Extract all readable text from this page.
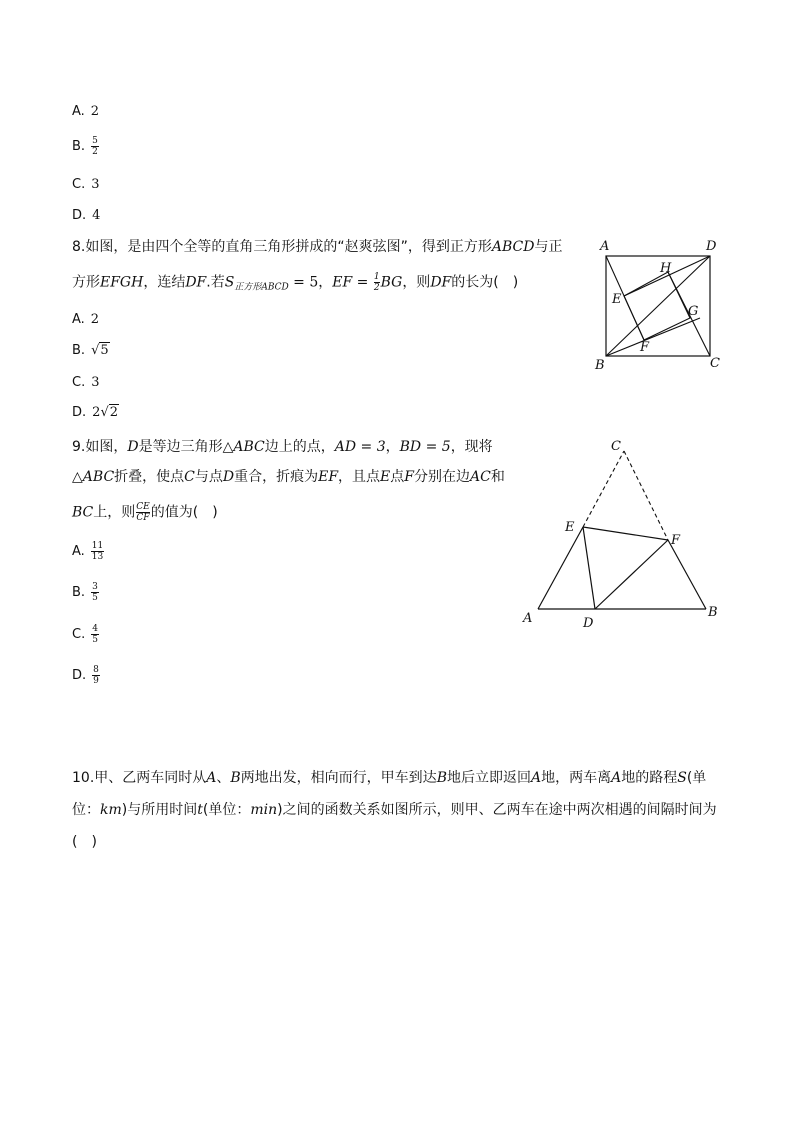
A. 2
B. $\frac{5}{2}$
C. 3
D. 4
8.如图，是由四个全等的直角三角形拼成的“赵爽弦图”，得到正方形ABCD与正
方形EFGH，连结DF.若$S_{正方形ABCD} = 5$，EF = $\frac{1}{2}$ BG，则DF的长为(　)
A. 2
B. √5
C. 3
D. 2√2
A	D
B	C
H
E
G
F
9.如图，D是等边三角形△ABC边上的点，AD = 3，BD = 5，现将
△ABC折叠，使点C与点D重合，折痕为EF，且点E点F分别在边AC和
BC上，则 $\frac{CE}{CF}$ 的值为(　)
A. $\frac{11}{13}$
B. $\frac{3}{5}$
C. $\frac{4}{5}$
D. $\frac{8}{9}$
C
E
F
A	D
B
10.甲、乙两车同时从A、B两地出发，相向而行，甲车到达B地后立即返回A地，两车离A地的路程S(单
位：km)与所用时间t(单位：min)之间的函数关系如图所示，则甲、乙两车在途中两次相遇的间隔时间为
(　)
